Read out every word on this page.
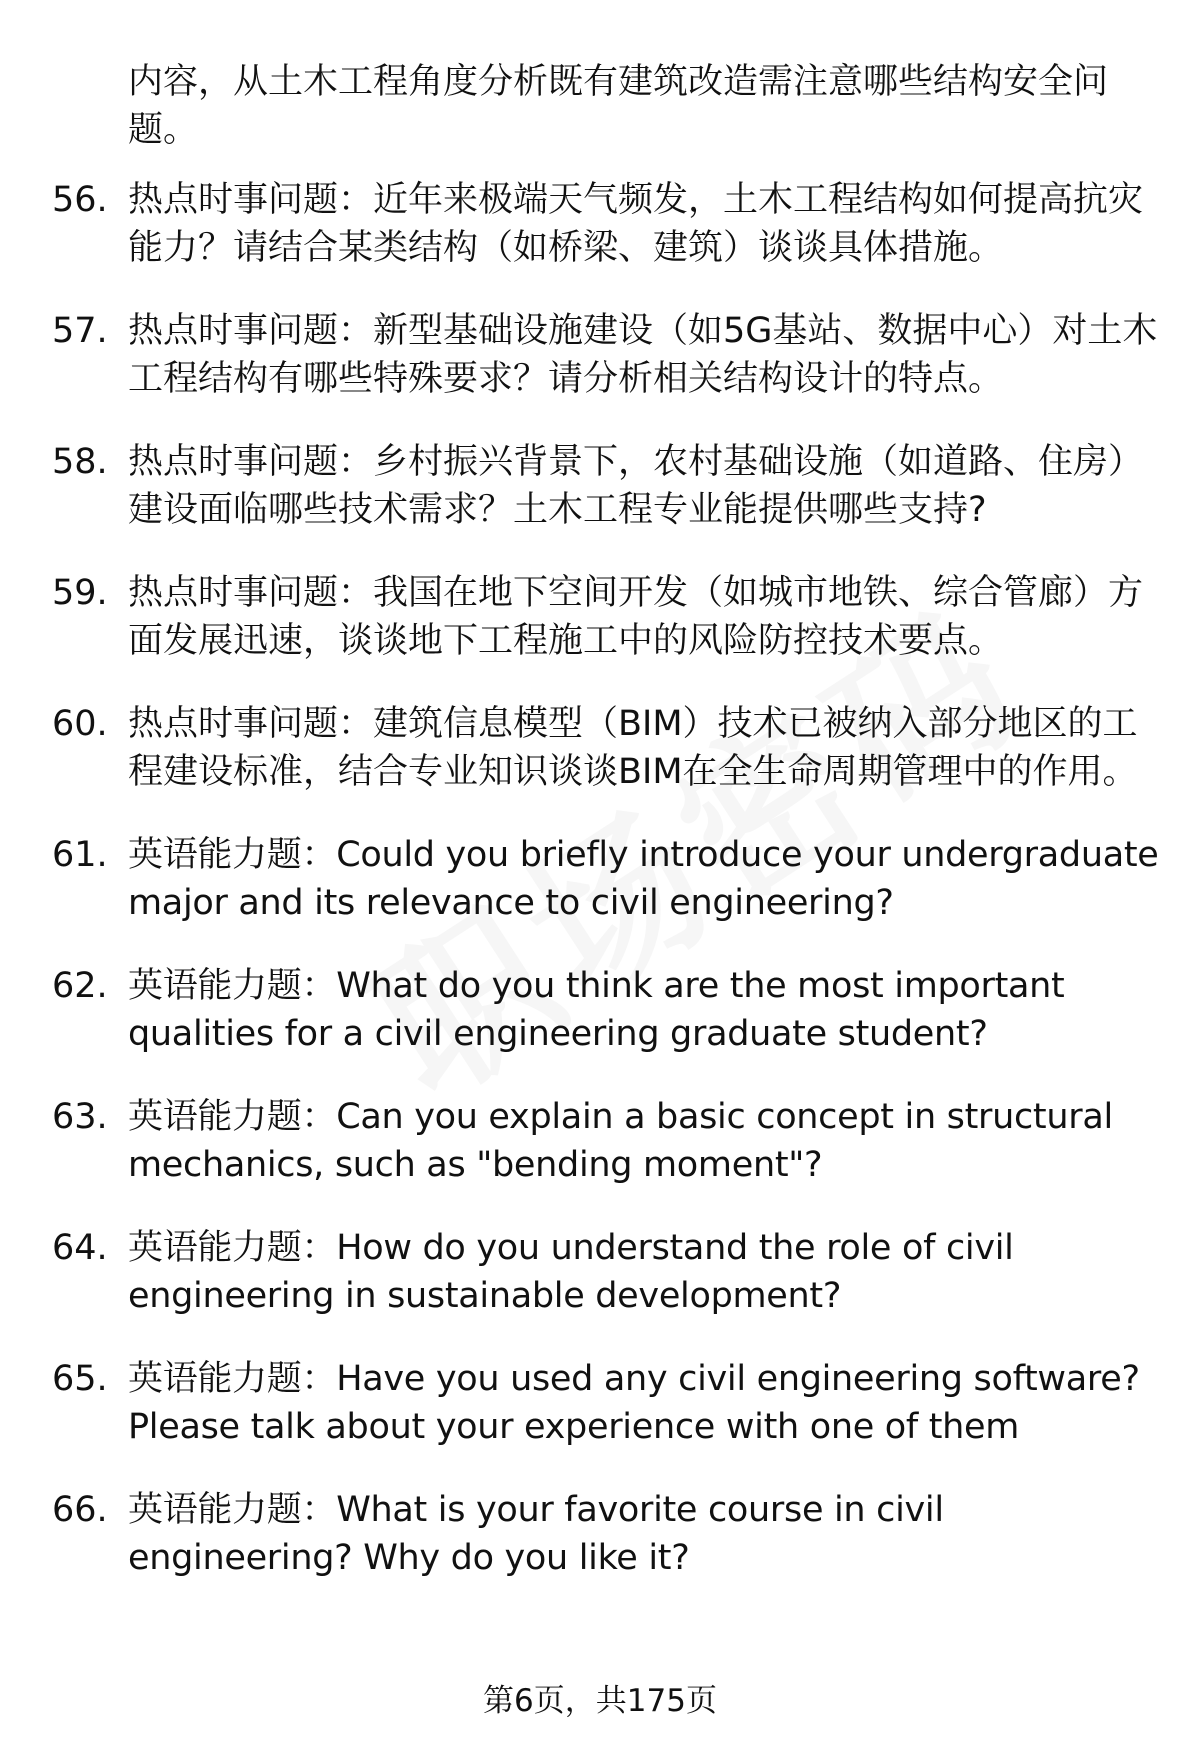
内容，从土木工程角度分析既有建筑改造需注意哪些结构安全问题。

56. 热点时事问题：近年来极端天气频发，土木工程结构如何提高抗灾能力？请结合某类结构（如桥梁、建筑）谈谈具体措施。
57. 热点时事问题：新型基础设施建设（如5G基站、数据中心）对土木工程结构有哪些特殊要求？请分析相关结构设计的特点。
58. 热点时事问题：乡村振兴背景下，农村基础设施（如道路、住房）建设面临哪些技术需求？土木工程专业能提供哪些支持?
59. 热点时事问题：我国在地下空间开发（如城市地铁、综合管廊）方面发展迅速，谈谈地下工程施工中的风险防控技术要点。
60. 热点时事问题：建筑信息模型（BIM）技术已被纳入部分地区的工程建设标准，结合专业知识谈谈BIM在全生命周期管理中的作用。
61. 英语能力题：Could you briefly introduce your undergraduate major and its relevance to civil engineering?
62. 英语能力题：What do you think are the most important qualities for a civil engineering graduate student?
63. 英语能力题：Can you explain a basic concept in structural mechanics, such as "bending moment"?
64. 英语能力题：How do you understand the role of civil engineering in sustainable development?
65. 英语能力题：Have you used any civil engineering software? Please talk about your experience with one of them
66. 英语能力题：What is your favorite course in civil engineering? Why do you like it?
第6页，共175页
